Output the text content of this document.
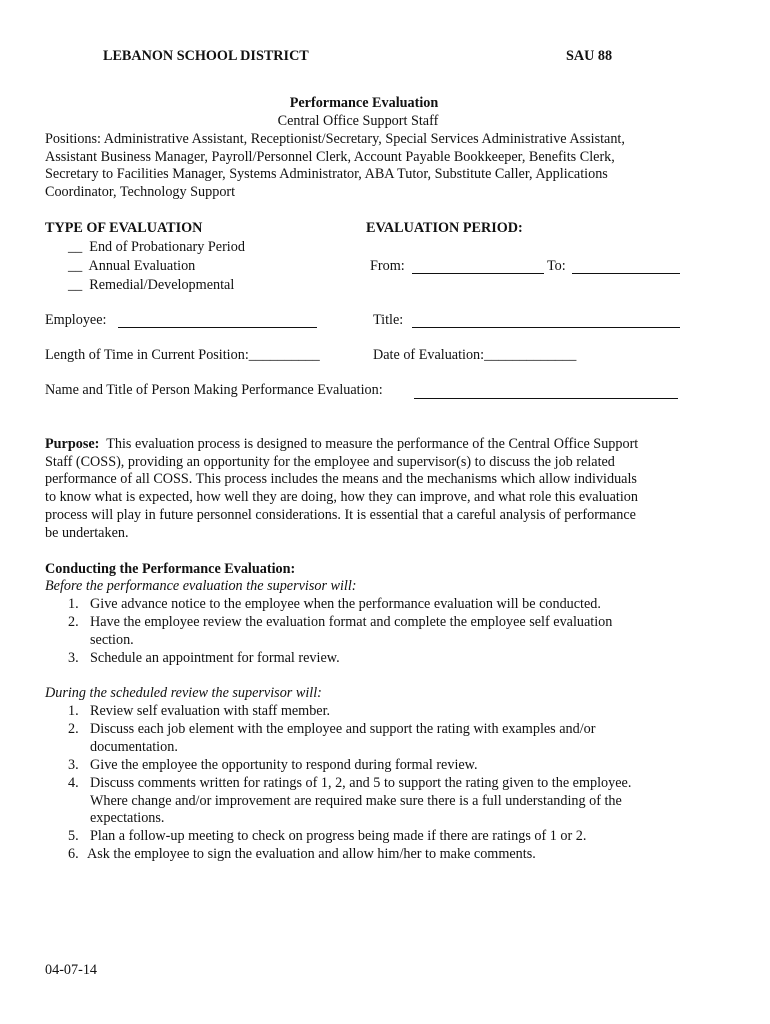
LEBANON SCHOOL DISTRICT	SAU 88
Performance Evaluation
Central Office Support Staff
Positions: Administrative Assistant, Receptionist/Secretary, Special Services Administrative Assistant,
Assistant Business Manager, Payroll/Personnel Clerk, Account Payable Bookkeeper, Benefits Clerk,
Secretary to Facilities Manager, Systems Administrator, ABA Tutor, Substitute Caller, Applications
Coordinator, Technology Support
TYPE OF EVALUATION
__ End of Probationary Period
__ Annual Evaluation
__ Remedial/Developmental
EVALUATION PERIOD:
From:	To:
Employee:	Title:
Length of Time in Current Position:__________	Date of Evaluation:_____________
Name and Title of Person Making Performance Evaluation:
Purpose: This evaluation process is designed to measure the performance of the Central Office Support
Staff (COSS), providing an opportunity for the employee and supervisor(s) to discuss the job related
performance of all COSS. This process includes the means and the mechanisms which allow individuals
to know what is expected, how well they are doing, how they can improve, and what role this evaluation
process will play in future personnel considerations. It is essential that a careful analysis of performance
be undertaken.
Conducting the Performance Evaluation:
Before the performance evaluation the supervisor will:
1. Give advance notice to the employee when the performance evaluation will be conducted.
2. Have the employee review the evaluation format and complete the employee self evaluation
section.
3. Schedule an appointment for formal review.
During the scheduled review the supervisor will:
1. Review self evaluation with staff member.
2. Discuss each job element with the employee and support the rating with examples and/or
documentation.
3. Give the employee the opportunity to respond during formal review.
4. Discuss comments written for ratings of 1, 2, and 5 to support the rating given to the employee.
Where change and/or improvement are required make sure there is a full understanding of the
expectations.
5. Plan a follow-up meeting to check on progress being made if there are ratings of 1 or 2.
6. Ask the employee to sign the evaluation and allow him/her to make comments.
04-07-14
